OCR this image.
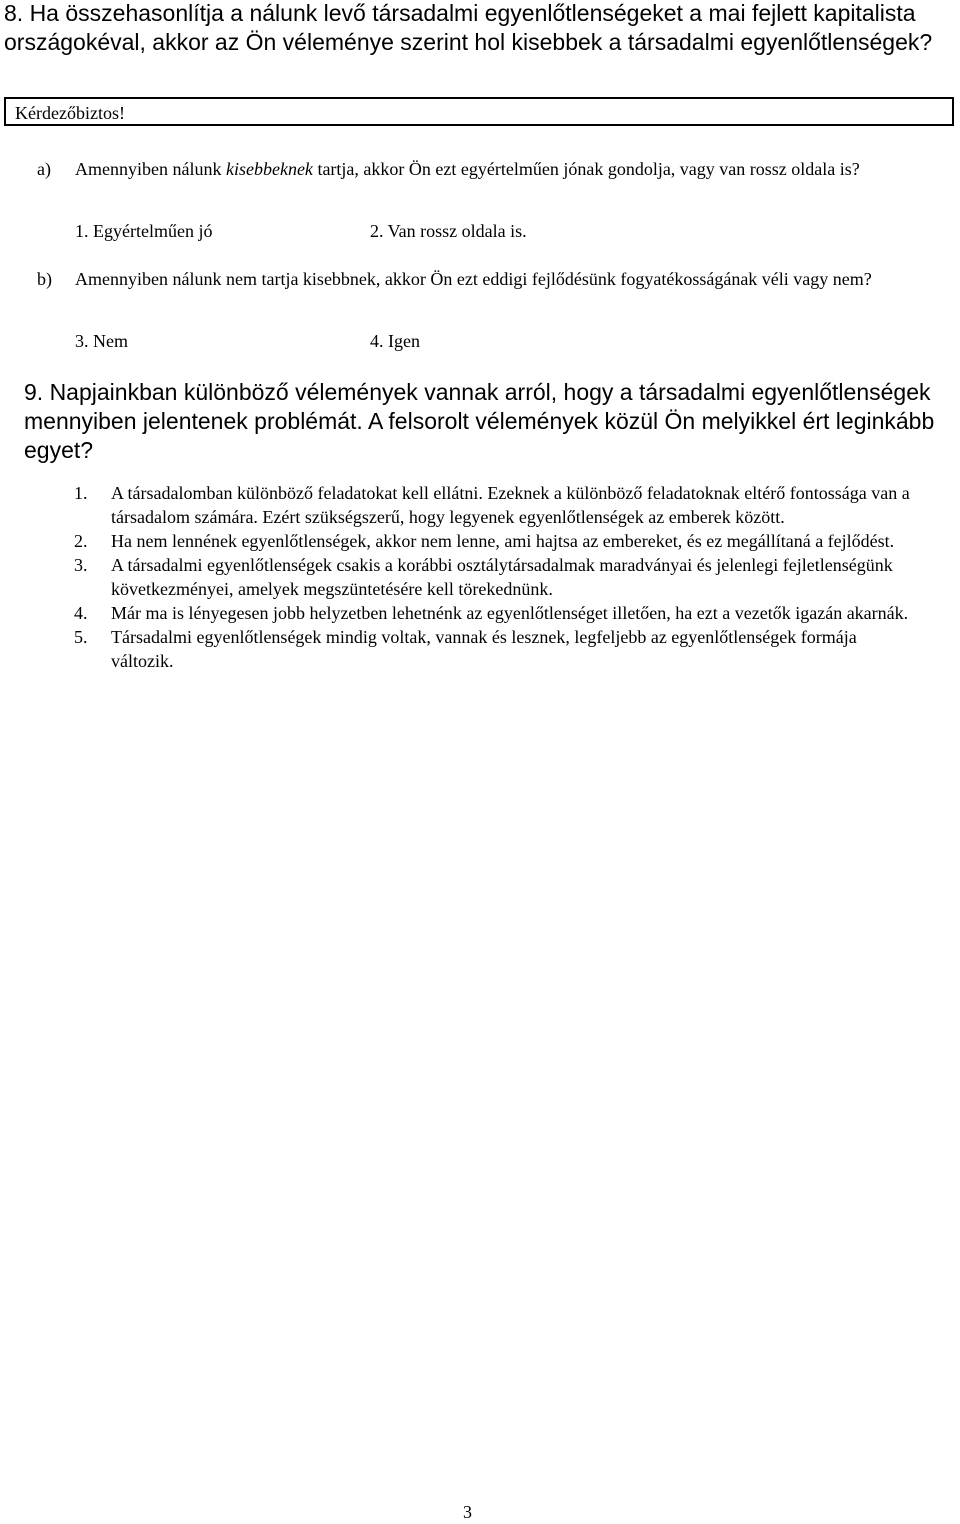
8. Ha összehasonlítja a nálunk levő társadalmi egyenlőtlenségeket a mai fejlett kapitalista országokéval, akkor az Ön véleménye szerint hol kisebbek a társadalmi egyenlőtlenségek?
Kérdezőbiztos!
a) Amennyiben nálunk kisebbeknek tartja, akkor Ön ezt egyértelműen jónak gondolja, vagy van rossz oldala is?
1. Egyértelműen jó	2. Van rossz oldala is.
b) Amennyiben nálunk nem tartja kisebbnek, akkor Ön ezt eddigi fejlődésünk fogyatékosságának véli vagy nem?
3. Nem	4. Igen
9. Napjainkban különböző vélemények vannak arról, hogy a társadalmi egyenlőtlenségek mennyiben jelentenek problémát. A felsorolt vélemények közül Ön melyikkel ért leginkább egyet?
1. A társadalomban különböző feladatokat kell ellátni. Ezeknek a különböző feladatoknak eltérő fontossága van a társadalom számára. Ezért szükségszerű, hogy legyenek egyenlőtlenségek az emberek között.
2. Ha nem lennének egyenlőtlenségek, akkor nem lenne, ami hajtsa az embereket, és ez megállítaná a fejlődést.
3. A társadalmi egyenlőtlenségek csakis a korábbi osztálytársadalmak maradványai és jelenlegi fejletlenségünk következményei, amelyek megszüntetésére kell törekednünk.
4. Már ma is lényegesen jobb helyzetben lehetnénk az egyenlőtlenséget illetően, ha ezt a vezetők igazán akarnák.
5. Társadalmi egyenlőtlenségek mindig voltak, vannak és lesznek, legfeljebb az egyenlőtlenségek formája változik.
3
